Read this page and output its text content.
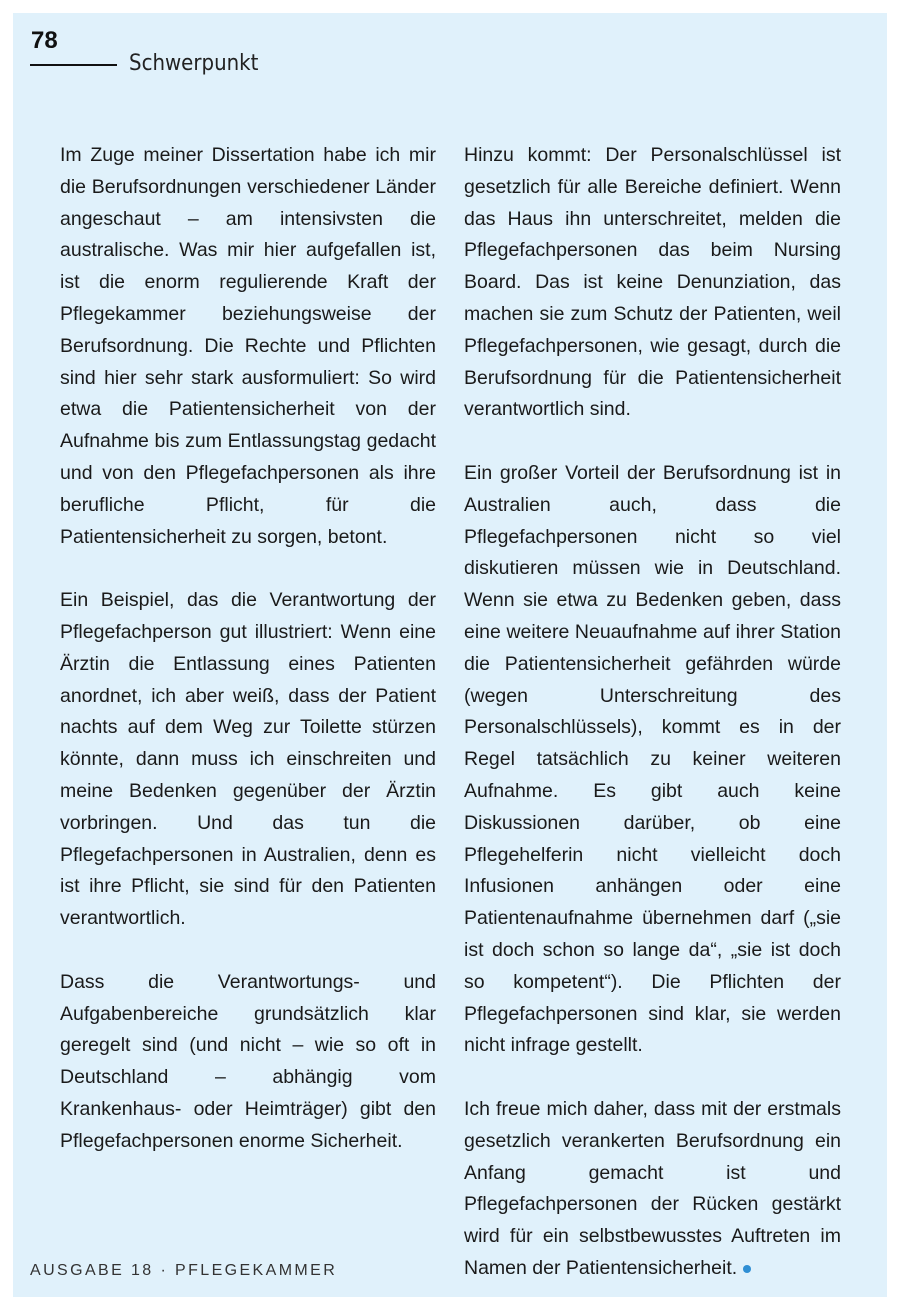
78
Schwerpunkt

Im Zuge meiner Dissertation habe ich mir die Berufsordnungen verschiedener Länder angeschaut – am intensivsten die australische. Was mir hier aufgefallen ist, ist die enorm regulierende Kraft der Pflegekammer beziehungsweise der Berufsordnung. Die Rechte und Pflichten sind hier sehr stark ausformuliert: So wird etwa die Patientensicherheit von der Aufnahme bis zum Entlassungstag gedacht und von den Pflegefachpersonen als ihre berufliche Pflicht, für die Patientensicherheit zu sorgen, betont.

Ein Beispiel, das die Verantwortung der Pflegefachperson gut illustriert: Wenn eine Ärztin die Entlassung eines Patienten anordnet, ich aber weiß, dass der Patient nachts auf dem Weg zur Toilette stürzen könnte, dann muss ich einschreiten und meine Bedenken gegenüber der Ärztin vorbringen. Und das tun die Pflegefachpersonen in Australien, denn es ist ihre Pflicht, sie sind für den Patienten verantwortlich.

Dass die Verantwortungs- und Aufgabenbereiche grundsätzlich klar geregelt sind (und nicht – wie so oft in Deutschland – abhängig vom Krankenhaus- oder Heimträger) gibt den Pflegefachpersonen enorme Sicherheit.

Hinzu kommt: Der Personalschlüssel ist gesetzlich für alle Bereiche definiert. Wenn das Haus ihn unterschreitet, melden die Pflegefachpersonen das beim Nursing Board. Das ist keine Denunziation, das machen sie zum Schutz der Patienten, weil Pflegefachpersonen, wie gesagt, durch die Berufsordnung für die Patientensicherheit verantwortlich sind.

Ein großer Vorteil der Berufsordnung ist in Australien auch, dass die Pflegefachpersonen nicht so viel diskutieren müssen wie in Deutschland. Wenn sie etwa zu Bedenken geben, dass eine weitere Neuaufnahme auf ihrer Station die Patientensicherheit gefährden würde (wegen Unterschreitung des Personalschlüssels), kommt es in der Regel tatsächlich zu keiner weiteren Aufnahme. Es gibt auch keine Diskussionen darüber, ob eine Pflegehelferin nicht vielleicht doch Infusionen anhängen oder eine Patientenaufnahme übernehmen darf („sie ist doch schon so lange da“, „sie ist doch so kompetent“). Die Pflichten der Pflegefachpersonen sind klar, sie werden nicht infrage gestellt.

Ich freue mich daher, dass mit der erstmals gesetzlich verankerten Berufsordnung ein Anfang gemacht ist und Pflegefachpersonen der Rücken gestärkt wird für ein selbstbewusstes Auftreten im Namen der Patientensicherheit.

AUSGABE 18 · PFLEGEKAMMER
